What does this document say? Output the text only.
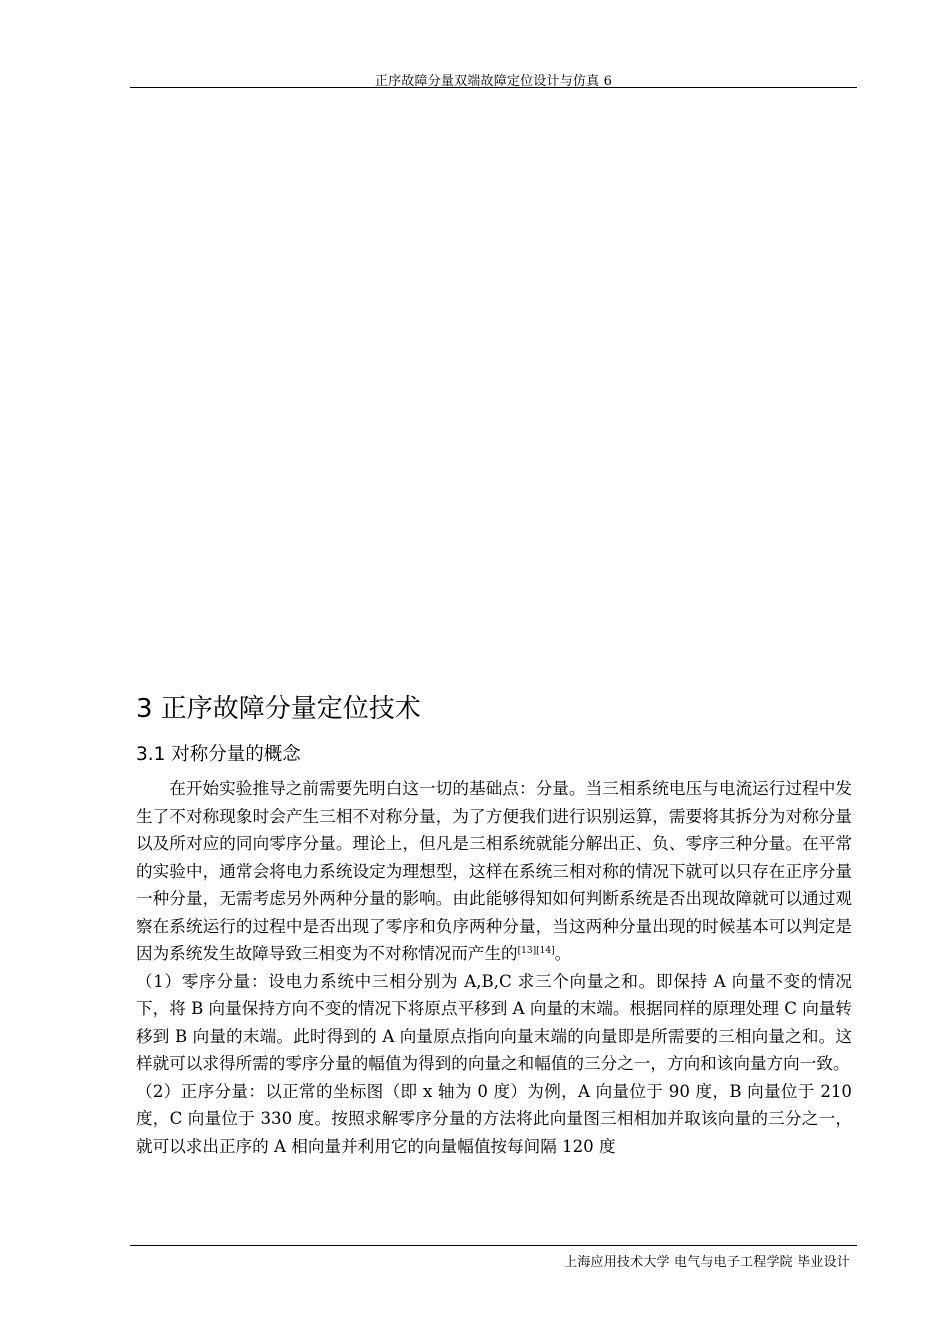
正序故障分量双端故障定位设计与仿真 6
3 正序故障分量定位技术
3.1 对称分量的概念

在开始实验推导之前需要先明白这一切的基础点：分量。当三相系统电压与电流运行过程中发生了不对称现象时会产生三相不对称分量，为了方便我们进行识别运算，需要将其拆分为对称分量以及所对应的同向零序分量。理论上，但凡是三相系统就能分解出正、负、零序三种分量。在平常的实验中，通常会将电力系统设定为理想型，这样在系统三相对称的情况下就可以只存在正序分量一种分量，无需考虑另外两种分量的影响。由此能够得知如何判断系统是否出现故障就可以通过观察在系统运行的过程中是否出现了零序和负序两种分量，当这两种分量出现的时候基本可以判定是因为系统发生故障导致三相变为不对称情况而产生的[13][14]。

（1）零序分量：设电力系统中三相分别为 A,B,C 求三个向量之和。即保持 A 向量不变的情况下，将 B 向量保持方向不变的情况下将原点平移到 A 向量的末端。根据同样的原理处理 C 向量转移到 B 向量的末端。此时得到的 A 向量原点指向向量末端的向量即是所需要的三相向量之和。这样就可以求得所需的零序分量的幅值为得到的向量之和幅值的三分之一，方向和该向量方向一致。

（2）正序分量：以正常的坐标图（即 x 轴为 0 度）为例，A 向量位于 90 度，B 向量位于 210 度，C 向量位于 330 度。按照求解零序分量的方法将此向量图三相相加并取该向量的三分之一，就可以求出正序的 A 相向量并利用它的向量幅值按每间隔 120 度

上海应用技术大学 电气与电子工程学院 毕业设计
